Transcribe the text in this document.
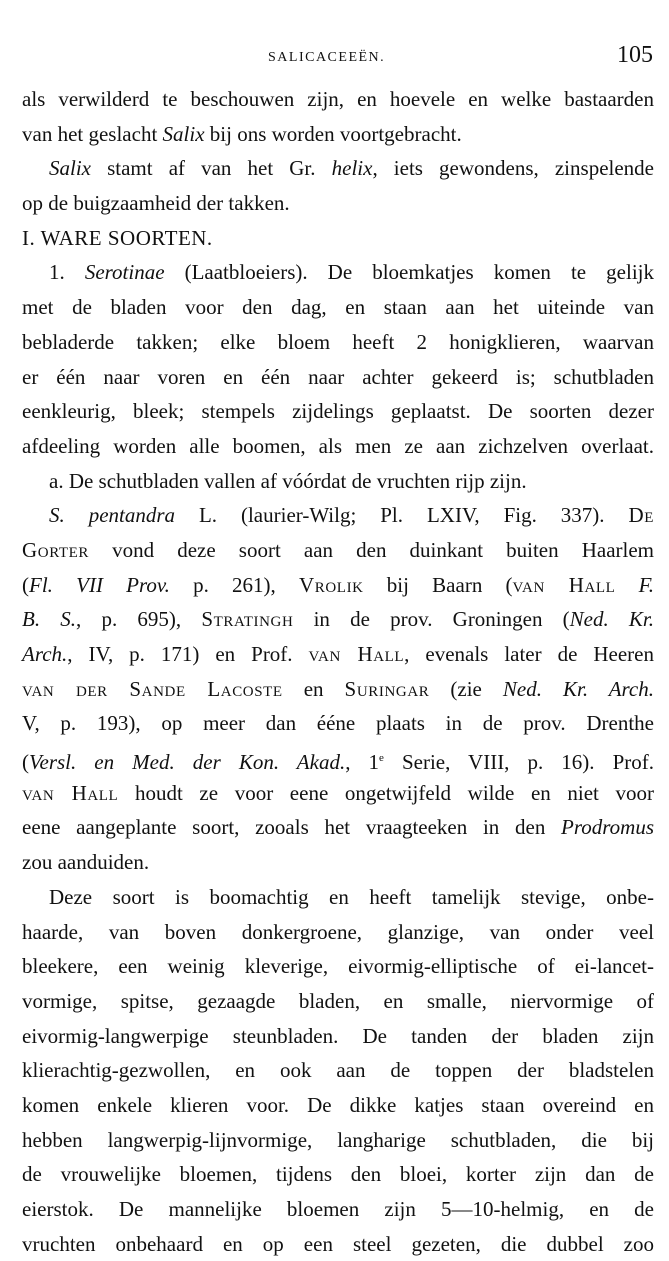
SALICACEEËN.	105
als verwilderd te beschouwen zijn, en hoevele en welke bastaarden
van het geslacht Salix bij ons worden voortgebracht.
Salix stamt af van het Gr. helix, iets gewondens, zinspelende
op de buigzaamheid der takken.
I. WARE SOORTEN.
1. Serotinae (Laatbloeiers). De bloemkatjes komen te gelijk
met de bladen voor den dag, en staan aan het uiteinde van
bebladerde takken; elke bloem heeft 2 honigklieren, waarvan
er één naar voren en één naar achter gekeerd is; schutbladen
eenkleurig, bleek; stempels zijdelings geplaatst. De soorten dezer
afdeeling worden alle boomen, als men ze aan zichzelven overlaat.
a. De schutbladen vallen af vóórdat de vruchten rijp zijn.
S. pentandra L. (laurier-Wilg; Pl. LXIV, Fig. 337). De
Gorter vond deze soort aan den duinkant buiten Haarlem
(Fl. VII Prov. p. 261), Vrolik bij Baarn (van Hall F.
B. S., p. 695), Stratingh in de prov. Groningen (Ned. Kr.
Arch., IV, p. 171) en Prof. van Hall, evenals later de Heeren
van der Sande Lacoste en Suringar (zie Ned. Kr. Arch.
V, p. 193), op meer dan ééne plaats in de prov. Drenthe
(Versl. en Med. der Kon. Akad., 1e Serie, VIII, p. 16). Prof.
van Hall houdt ze voor eene ongetwijfeld wilde en niet voor
eene aangeplante soort, zooals het vraagteeken in den Prodromus
zou aanduiden.
Deze soort is boomachtig en heeft tamelijk stevige, onbe-
haarde, van boven donkergroene, glanzige, van onder veel
bleekere, een weinig kleverige, eivormig-elliptische of ei-lancet-
vormige, spitse, gezaagde bladen, en smalle, niervormige of
eivormig-langwerpige steunbladen. De tanden der bladen zijn
klierachtig-gezwollen, en ook aan de toppen der bladstelen
komen enkele klieren voor. De dikke katjes staan overeind en
hebben langwerpig-lijnvormige, langharige schutbladen, die bij
de vrouwelijke bloemen, tijdens den bloei, korter zijn dan de
eierstok. De mannelijke bloemen zijn 5—10-helmig, en de
vruchten onbehaard en op een steel gezeten, die dubbel zoo
